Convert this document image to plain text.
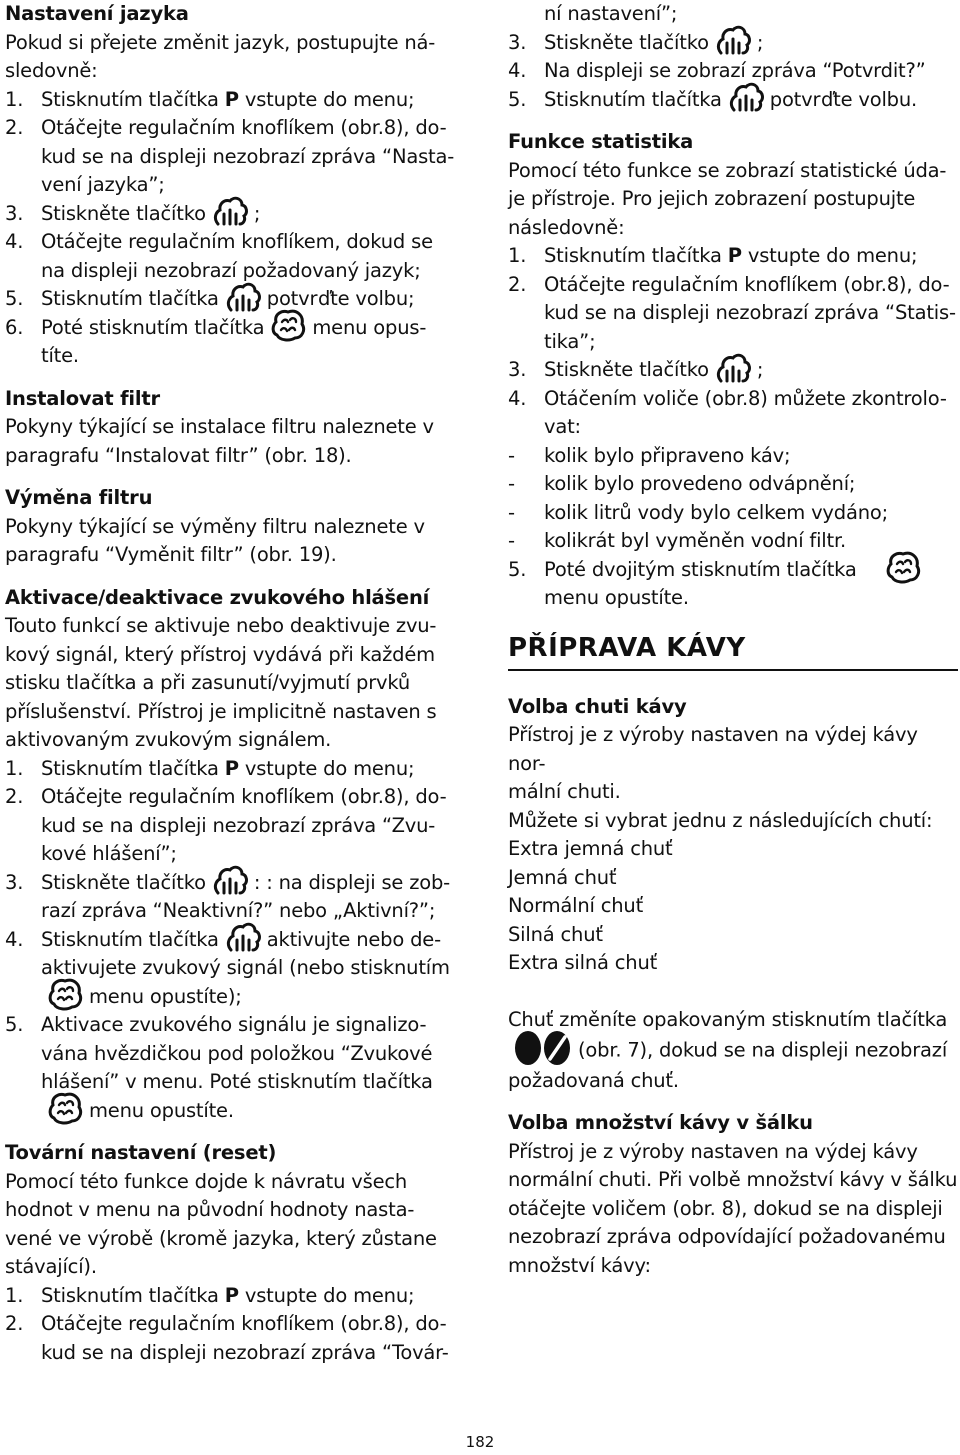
Nastavení jazyka
Pokud si přejete změnit jazyk, postupujte ná-
sledovně:
1. Stisknutím tlačítka P vstupte do menu;
2. Otáčejte regulačním knoflíkem (obr.8), do-
kud se na displeji nezobrazí zpráva “Nasta-
vení jazyka”;
3. Stiskněte tlačítko ;
4. Otáčejte regulačním knoflíkem, dokud se
na displeji nezobrazí požadovaný jazyk;
5. Stisknutím tlačítka potvrďte volbu;
6. Poté stisknutím tlačítka menu opus-
títe.
Instalovat filtr
Pokyny týkající se instalace filtru naleznete v
paragrafu “Instalovat filtr” (obr. 18).
Výměna filtru
Pokyny týkající se výměny filtru naleznete v
paragrafu “Vyměnit filtr” (obr. 19).
Aktivace/deaktivace zvukového hlášení
Touto funkcí se aktivuje nebo deaktivuje zvu-
kový signál, který přístroj vydává při každém
stisku tlačítka a při zasunutí/vyjmutí prvků
příslušenství. Přístroj je implicitně nastaven s
aktivovaným zvukovým signálem.
1. Stisknutím tlačítka P vstupte do menu;
2. Otáčejte regulačním knoflíkem (obr.8), do-
kud se na displeji nezobrazí zpráva “Zvu-
kové hlášení”;
3. Stiskněte tlačítko : : na displeji se zob-
razí zpráva “Neaktivní?” nebo „Aktivní?”;
4. Stisknutím tlačítka aktivujte nebo de-
aktivujete zvukový signál (nebo stisknutím
menu opustíte);
5. Aktivace zvukového signálu je signalizo-
vána hvězdičkou pod položkou “Zvukové
hlášení” v menu. Poté stisknutím tlačítka
menu opustíte.
Tovární nastavení (reset)
Pomocí této funkce dojde k návratu všech
hodnot v menu na původní hodnoty nasta-
vené ve výrobě (kromě jazyka, který zůstane
stávající).
1. Stisknutím tlačítka P vstupte do menu;
2. Otáčejte regulačním knoflíkem (obr.8), do-
kud se na displeji nezobrazí zpráva “Továr-
ní nastavení”;
3. Stiskněte tlačítko ;
4. Na displeji se zobrazí zpráva “Potvrdit?”
5. Stisknutím tlačítka potvrďte volbu.
Funkce statistika
Pomocí této funkce se zobrazí statistické úda-
je přístroje. Pro jejich zobrazení postupujte
následovně:
1. Stisknutím tlačítka P vstupte do menu;
2. Otáčejte regulačním knoflíkem (obr.8), do-
kud se na displeji nezobrazí zpráva “Statis-
tika”;
3. Stiskněte tlačítko ;
4. Otáčením voliče (obr.8) můžete zkontrolo-
vat:
-	kolik bylo připraveno káv;
-	kolik bylo provedeno odvápnění;
-	kolik litrů vody bylo celkem vydáno;
-	kolikrát byl vyměněn vodní filtr.
5. Poté dvojitým stisknutím tlačítka
menu opustíte.
PŘÍPRAVA KÁVY
Volba chuti kávy
Přístroj je z výroby nastaven na výdej kávy nor-
mální chuti.
Můžete si vybrat jednu z následujících chutí:
Extra jemná chuť
Jemná chuť
Normální chuť
Silná chuť
Extra silná chuť
Chuť změníte opakovaným stisknutím tlačítka
(obr. 7), dokud se na displeji nezobrazí
požadovaná chuť.
Volba množství kávy v šálku
Přístroj je z výroby nastaven na výdej kávy
normální chuti. Při volbě množství kávy v šálku
otáčejte voličem (obr. 8), dokud se na displeji
nezobrazí zpráva odpovídající požadovanému
množství kávy:
182
